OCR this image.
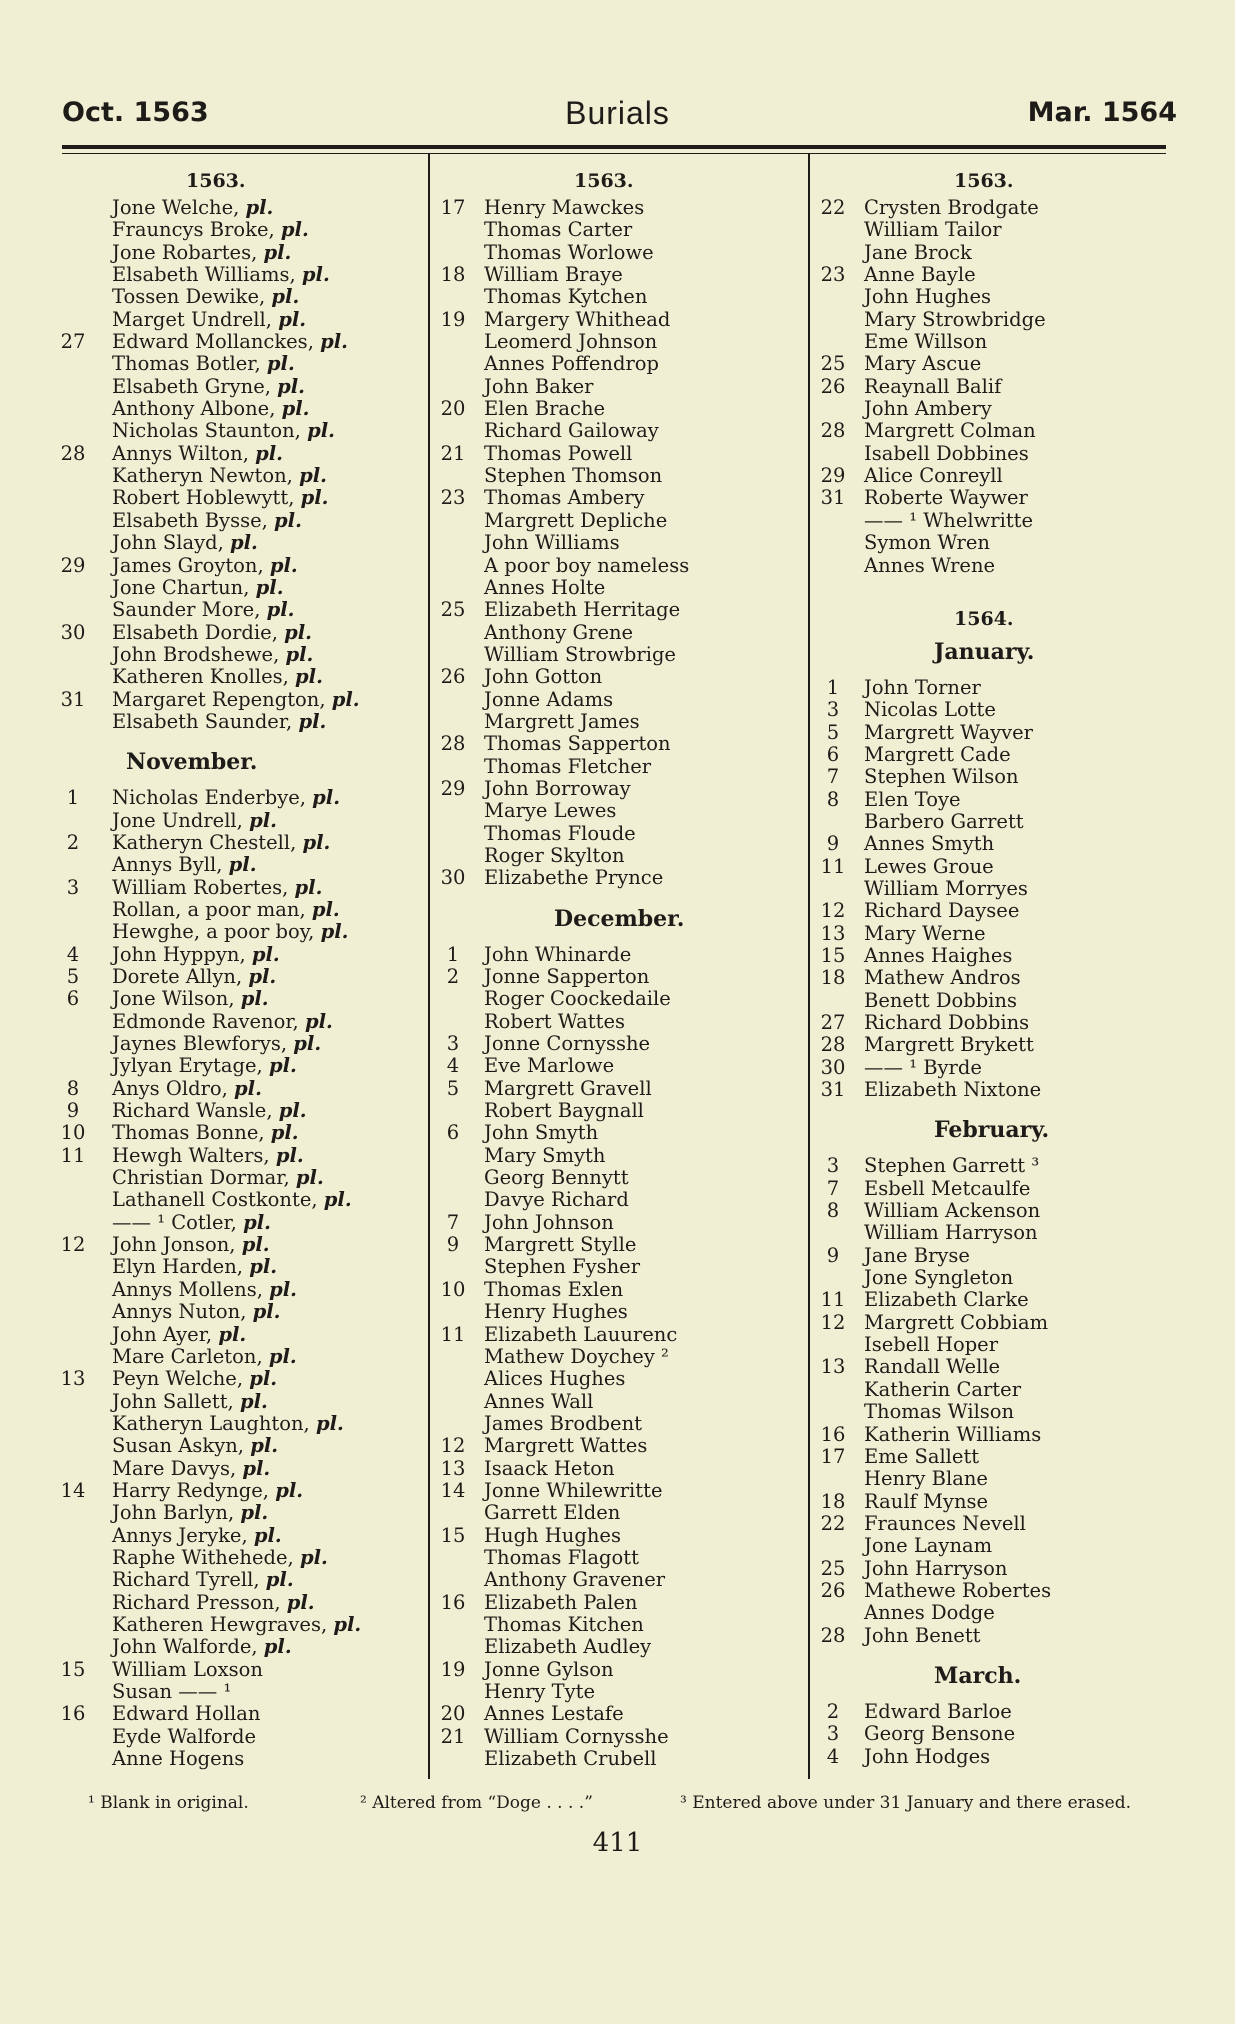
Oct. 1563	Burials	Mar. 1564
1563.
Jone Welche, pl.
Frauncys Broke, pl.
Jone Robartes, pl.
Elsabeth Williams, pl.
Tossen Dewike, pl.
Marget Undrell, pl.
27 Edward Mollanckes, pl.
Thomas Botler, pl.
Elsabeth Gryne, pl.
Anthony Albone, pl.
Nicholas Staunton, pl.
28 Annys Wilton, pl.
Katheryn Newton, pl.
Robert Hoblewytt, pl.
Elsabeth Bysse, pl.
John Slayd, pl.
29 James Groyton, pl.
Jone Chartun, pl.
Saunder More, pl.
30 Elsabeth Dordie, pl.
John Brodshewe, pl.
Katheren Knolles, pl.
31 Margaret Repengton, pl.
Elsabeth Saunder, pl.
November.
1	Nicholas Enderbye, pl.
Jone Undrell, pl.
2	Katheryn Chestell, pl.
Annys Byll, pl.
3	William Robertes, pl.
Rollan, a poor man, pl.
Hewghe, a poor boy, pl.
4	John Hyppyn, pl.
5	Dorete Allyn, pl.
6	Jone Wilson, pl.
Edmonde Ravenor, pl.
Jaynes Blewforys, pl.
Jylyan Erytage, pl.
8	Anys Oldro, pl.
9	Richard Wansle, pl.
10 Thomas Bonne, pl.
11 Hewgh Walters, pl.
Christian Dormar, pl.
Lathanell Costkonte, pl.
—— ¹ Cotler, pl.
12 John Jonson, pl.
Elyn Harden, pl.
Annys Mollens, pl.
Annys Nuton, pl.
John Ayer, pl.
Mare Carleton, pl.
13 Peyn Welche, pl.
John Sallett, pl.
Katheryn Laughton, pl.
Susan Askyn, pl.
Mare Davys, pl.
14 Harry Redynge, pl.
John Barlyn, pl.
Annys Jeryke, pl.
Raphe Withehede, pl.
Richard Tyrell, pl.
Richard Presson, pl.
Katheren Hewgraves, pl.
John Walforde, pl.
15 William Loxson
Susan —— ¹
16 Edward Hollan
Eyde Walforde
Anne Hogens
1563.
17 Henry Mawckes
Thomas Carter
Thomas Worlowe
18 William Braye
Thomas Kytchen
19 Margery Whithead
Leomerd Johnson
Annes Poffendrop
John Baker
20 Elen Brache
Richard Gailoway
21 Thomas Powell
Stephen Thomson
23 Thomas Ambery
Margrett Depliche
John Williams
A poor boy nameless
Annes Holte
25 Elizabeth Herritage
Anthony Grene
William Strowbrige
26 John Gotton
Jonne Adams
Margrett James
28 Thomas Sapperton
Thomas Fletcher
29 John Borroway
Marye Lewes
Thomas Floude
Roger Skylton
30 Elizabethe Prynce
December.
1	John Whinarde
2	Jonne Sapperton
Roger Coockedaile
Robert Wattes
3	Jonne Cornysshe
4	Eve Marlowe
5	Margrett Gravell
Robert Baygnall
6	John Smyth
Mary Smyth
Georg Bennytt
Davye Richard
7	John Johnson
9	Margrett Stylle
Stephen Fysher
10 Thomas Exlen
Henry Hughes
11 Elizabeth Lauurenc
Mathew Doychey ²
Alices Hughes
Annes Wall
James Brodbent
12 Margrett Wattes
13 Isaack Heton
14 Jonne Whilewritte
Garrett Elden
15 Hugh Hughes
Thomas Flagott
Anthony Gravener
16 Elizabeth Palen
Thomas Kitchen
Elizabeth Audley
19 Jonne Gylson
Henry Tyte
20 Annes Lestafe
21 William Cornysshe
Elizabeth Crubell
1563.
22 Crysten Brodgate
William Tailor
Jane Brock
23 Anne Bayle
John Hughes
Mary Strowbridge
Eme Willson
25 Mary Ascue
26 Reaynall Balif
John Ambery
28 Margrett Colman
Isabell Dobbines
29 Alice Conreyll
31 Roberte Waywer
—— ¹ Whelwritte
Symon Wren
Annes Wrene
1564.
January.
1	John Torner
3	Nicolas Lotte
5	Margrett Wayver
6	Margrett Cade
7	Stephen Wilson
8	Elen Toye
Barbero Garrett
9	Annes Smyth
11 Lewes Groue
William Morryes
12 Richard Daysee
13 Mary Werne
15 Annes Haighes
18 Mathew Andros
Benett Dobbins
27 Richard Dobbins
28 Margrett Brykett
30 —— ¹ Byrde
31 Elizabeth Nixtone
February.
3	Stephen Garrett ³
7	Esbell Metcaulfe
8	William Ackenson
William Harryson
9	Jane Bryse
Jone Syngleton
11 Elizabeth Clarke
12 Margrett Cobbiam
Isebell Hoper
13 Randall Welle
Katherin Carter
Thomas Wilson
16 Katherin Williams
17 Eme Sallett
Henry Blane
18 Raulf Mynse
22 Fraunces Nevell
Jone Laynam
25 John Harryson
26 Mathewe Robertes
Annes Dodge
28 John Benett
March.
2	Edward Barloe
3	Georg Bensone
4	John Hodges
¹ Blank in original.	² Altered from “Doge . . . .”	³ Entered above under 31 January and there erased.
411
